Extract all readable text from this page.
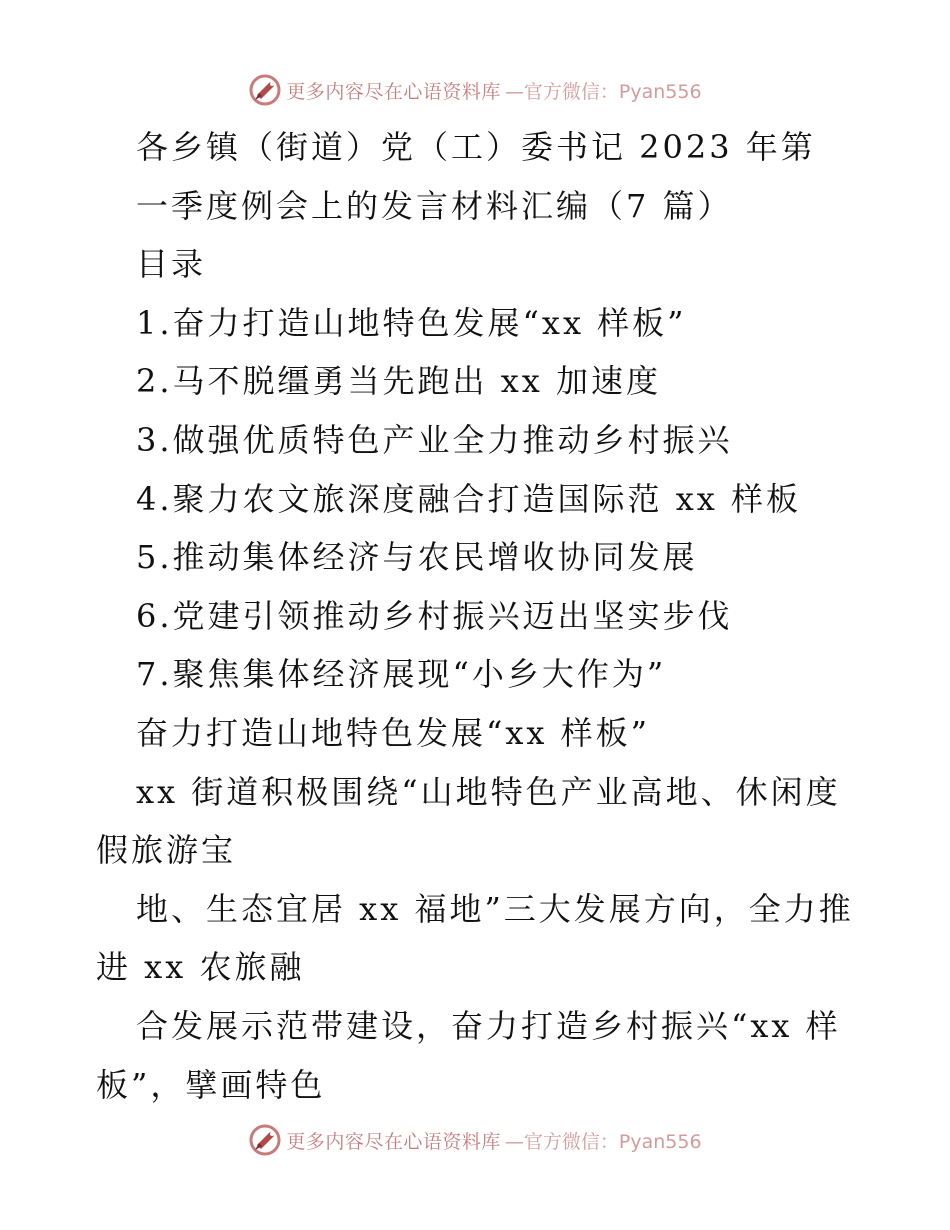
更多内容尽在心语资料库 —官方微信：Pyan556
各乡镇（街道）党（工）委书记 2023 年第
一季度例会上的发言材料汇编（7 篇）
目录
1.奋力打造山地特色发展“xx 样板”
2.马不脱缰勇当先跑出 xx 加速度
3.做强优质特色产业全力推动乡村振兴
4.聚力农文旅深度融合打造国际范 xx 样板
5.推动集体经济与农民增收协同发展
6.党建引领推动乡村振兴迈出坚实步伐
7.聚焦集体经济展现“小乡大作为”
奋力打造山地特色发展“xx 样板”
xx 街道积极围绕“山地特色产业高地、休闲度
假旅游宝
地、生态宜居 xx 福地”三大发展方向，全力推
进 xx 农旅融
合发展示范带建设，奋力打造乡村振兴“xx 样
板”，擘画特色
更多内容尽在心语资料库 —官方微信：Pyan556
